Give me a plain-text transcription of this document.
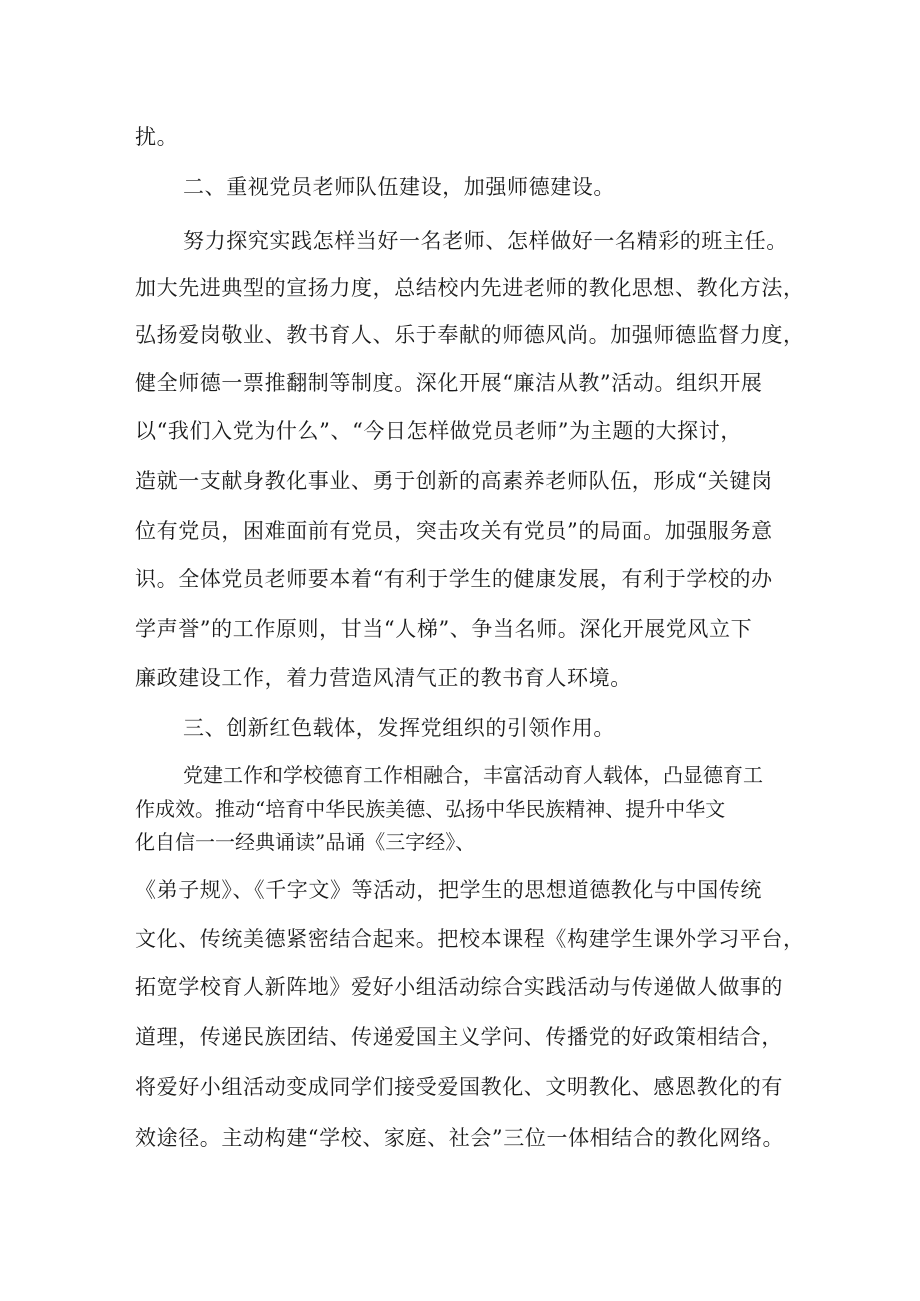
扰。
二、重视党员老师队伍建设，加强师德建设。
努力探究实践怎样当好一名老师、怎样做好一名精彩的班主任。
加大先进典型的宣扬力度，总结校内先进老师的教化思想、教化方法，
弘扬爱岗敬业、教书育人、乐于奉献的师德风尚。加强师德监督力度，
健全师德一票推翻制等制度。深化开展“廉洁从教”活动。组织开展
以“我们入党为什么”、“今日怎样做党员老师”为主题的大探讨，
造就一支献身教化事业、勇于创新的高素养老师队伍，形成“关键岗
位有党员，困难面前有党员，突击攻关有党员”的局面。加强服务意
识。全体党员老师要本着“有利于学生的健康发展，有利于学校的办
学声誉”的工作原则，甘当“人梯”、争当名师。深化开展党风立下
廉政建设工作，着力营造风清气正的教书育人环境。
三、创新红色载体，发挥党组织的引领作用。
党建工作和学校德育工作相融合，丰富活动育人载体，凸显德育工
作成效。推动“培育中华民族美德、弘扬中华民族精神、提升中华文
化自信一一经典诵读”品诵《三字经》、
《弟子规》、《千字文》等活动，把学生的思想道德教化与中国传统
文化、传统美德紧密结合起来。把校本课程《构建学生课外学习平台，
拓宽学校育人新阵地》爱好小组活动综合实践活动与传递做人做事的
道理，传递民族团结、传递爱国主义学问、传播党的好政策相结合，
将爱好小组活动变成同学们接受爱国教化、文明教化、感恩教化的有
效途径。主动构建“学校、家庭、社会”三位一体相结合的教化网络。
